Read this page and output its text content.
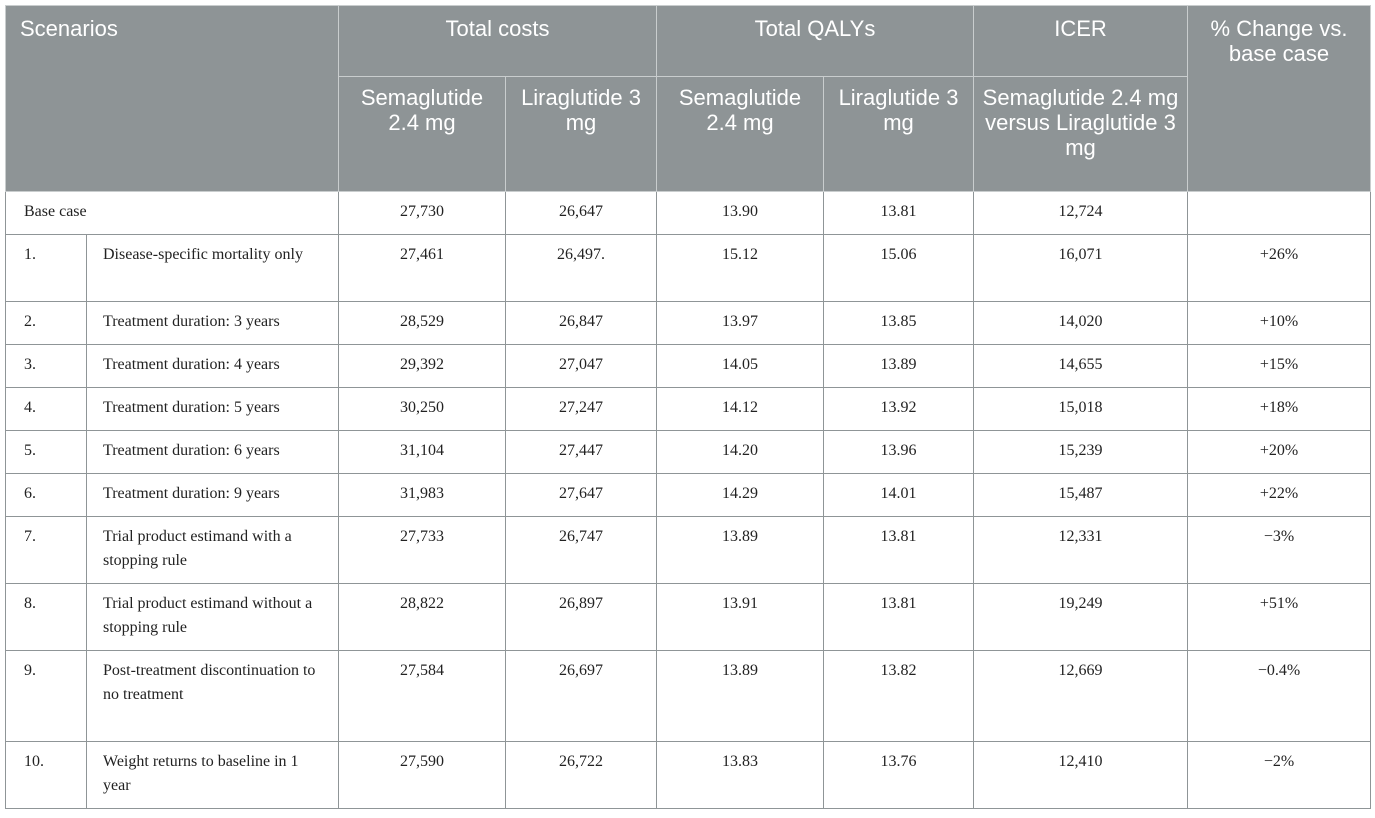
Scenarios		Total costs		Total QALYs		ICER	% Change vs. base case
		Semaglutide 2.4 mg	Liraglutide 3 mg	Semaglutide 2.4 mg	Liraglutide 3 mg	Semaglutide 2.4 mg versus Liraglutide 3 mg	
Base case		27,730	26,647	13.90	13.81	12,724	
1.	Disease-specific mortality only	27,461	26,497.	15.12	15.06	16,071	+26%
2.	Treatment duration: 3 years	28,529	26,847	13.97	13.85	14,020	+10%
3.	Treatment duration: 4 years	29,392	27,047	14.05	13.89	14,655	+15%
4.	Treatment duration: 5 years	30,250	27,247	14.12	13.92	15,018	+18%
5.	Treatment duration: 6 years	31,104	27,447	14.20	13.96	15,239	+20%
6.	Treatment duration: 9 years	31,983	27,647	14.29	14.01	15,487	+22%
7.	Trial product estimand with a stopping rule	27,733	26,747	13.89	13.81	12,331	−3%
8.	Trial product estimand without a stopping rule	28,822	26,897	13.91	13.81	19,249	+51%
9.	Post-treatment discontinuation to no treatment	27,584	26,697	13.89	13.82	12,669	−0.4%
10.	Weight returns to baseline in 1 year	27,590	26,722	13.83	13.76	12,410	−2%
